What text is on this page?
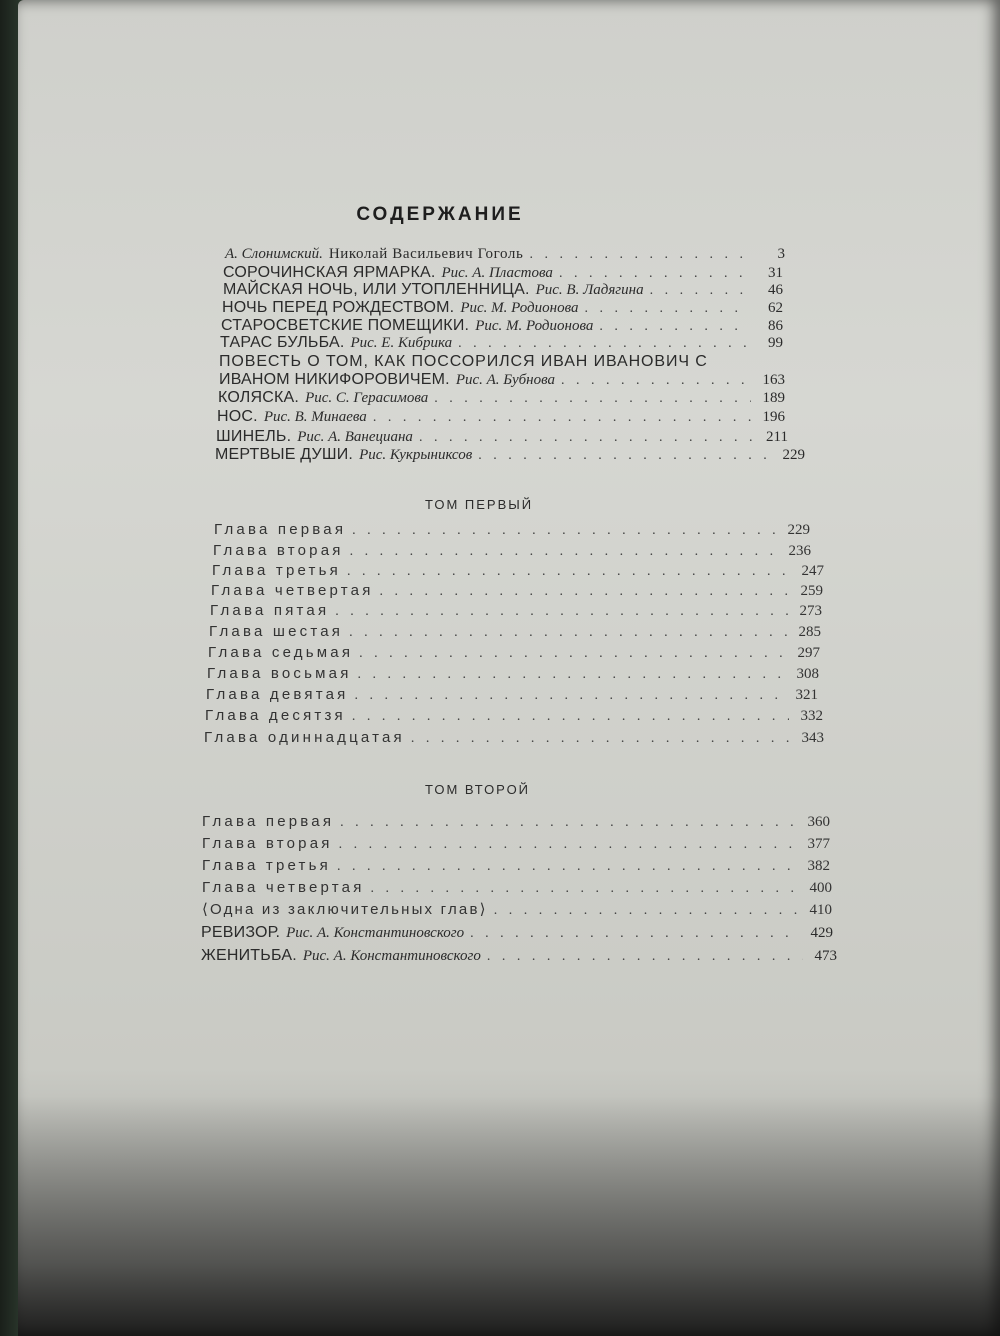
СОДЕРЖАНИЕ
А. Слонимский. Николай Васильевич Гоголь . . .	3
СОРОЧИНСКАЯ ЯРМАРКА. Рис. А. Пластова . . .	31
МАЙСКАЯ НОЧЬ, ИЛИ УТОПЛЕННИЦА. Рис. В. Ладягина . . .	46
НОЧЬ ПЕРЕД РОЖДЕСТВОМ. Рис. М. Родионова . . .	62
СТАРОСВЕТСКИЕ ПОМЕЩИКИ. Рис. М. Родионова . . .	86
ТАРАС БУЛЬБА. Рис. Е. Кибрика . . .	99
ПОВЕСТЬ О ТОМ, КАК ПОССОРИЛСЯ ИВАН ИВАНОВИЧ С
ИВАНОМ НИКИФОРОВИЧЕМ. Рис. А. Бубнова . . .	163
КОЛЯСКА. Рис. С. Герасимова . . .	189
НОС. Рис. В. Минаева . . .	196
ШИНЕЛЬ. Рис. А. Ванециана . . .	211
МЕРТВЫЕ ДУШИ. Рис. Кукрыниксов . . .	229
ТОМ ПЕРВЫЙ
Глава первая . . .	229
Глава вторая . . .	236
Глава третья . . .	247
Глава четвертая . . .	259
Глава пятая . . .	273
Глава шестая . . .	285
Глава седьмая . . .	297
Глава восьмая . . .	308
Глава девятая . . .	321
Глава десятзя . . .	332
Глава одиннадцатая . . .	343
ТОМ ВТОРОЙ
Глава первая . . .	360
Глава вторая . . .	377
Глава третья . . .	382
Глава четвертая . . .	400
⟨Одна из заключительных глав⟩ . . .	410
РЕВИЗОР. Рис. А. Константиновского . . .	429
ЖЕНИТЬБА. Рис. А. Константиновского . . .	473
